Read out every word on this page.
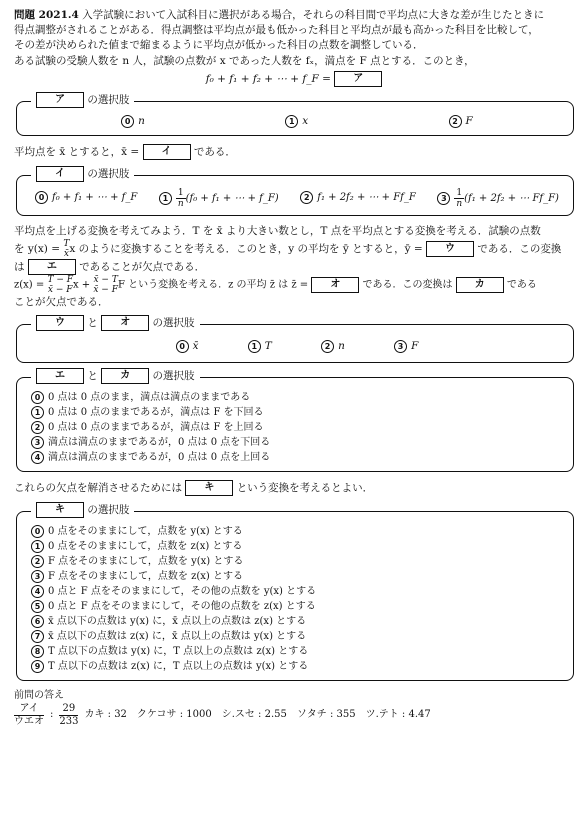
問題 2021.4 入学試験において入試科目に選択がある場合，それらの科目間で平均点に大きな差が生じたときに

得点調整がされることがある．得点調整は平均点が最も低かった科目と平均点が最も高かった科目を比較して，

その差が決められた値まで縮まるように平均点が低かった科目の点数を調整している．

ある試験の受験人数を n 人，試験の点数が x であった人数を fₓ，満点を F 点とする．このとき，

f₀ + f₁ + f₂ + ⋯ + f_F = ア
ア の選択肢
0 n	1 x	2 F

平均点を x̄ とすると，x̄ = イ である．

イ の選択肢
0 f₀ + f₁ + ⋯ + f_F	$1 \frac{1}{n} (f_0 + f_1$ + ⋯ + f_F)	2 f₁ + 2f₂ + ⋯ + Ff_F	$3 \frac{1}{n} (f_1 + 2f_2$ + ⋯ Ff_F)

平均点を上げる変換を考えてみよう．T を x̄ より大きい数とし，T 点を平均点とする変換を考える．試験の点数

を y(x) = T
x̄ x のように変換することを考える．このとき，y の平均を ȳ とすると，ȳ = ウ である．この変換

は エ であることが欠点である．

z(x) = T − F
x̄ − F x + x̄ − T
x̄ − F F という変換を考える．z の平均 z̄ は z̄ = オ である．この変換は カ である

ことが欠点である．

ウ と オ の選択肢
0 x̄	1 T	2 n	3 F
エ と カ の選択肢

0 0 点は 0 点のまま，満点は満点のままである

1 0 点は 0 点のままであるが，満点は F を下回る

2 0 点は 0 点のままであるが，満点は F を上回る

3 満点は満点のままであるが，0 点は 0 点を下回る

4 満点は満点のままであるが，0 点は 0 点を上回る

これらの欠点を解消させるためには キ という変換を考えるとよい．

キ の選択肢

0 0 点をそのままにして，点数を y(x) とする

1 0 点をそのままにして，点数を z(x) とする

2 F 点をそのままにして，点数を y(x) とする

3 F 点をそのままにして，点数を z(x) とする

4 0 点と F 点をそのままにして，その他の点数を y(x) とする

5 0 点と F 点をそのままにして，その他の点数を z(x) とする

6 x̄ 点以下の点数は y(x) に，x̄ 点以上の点数は z(x) とする

7 x̄ 点以下の点数は z(x) に，x̄ 点以上の点数は y(x) とする

8 T 点以下の点数は y(x) に，T 点以上の点数は z(x) とする

9 T 点以下の点数は z(x) に，T 点以上の点数は y(x) とする

前問の答え
$\frac{\text{アイ}}{\text{ウエオ}}$ : $\frac{29}{233}$ カキ : 32　クケコサ : 1000　シ.スセ : 2.55　ソタチ : 355　ツ.テト : 4.47
